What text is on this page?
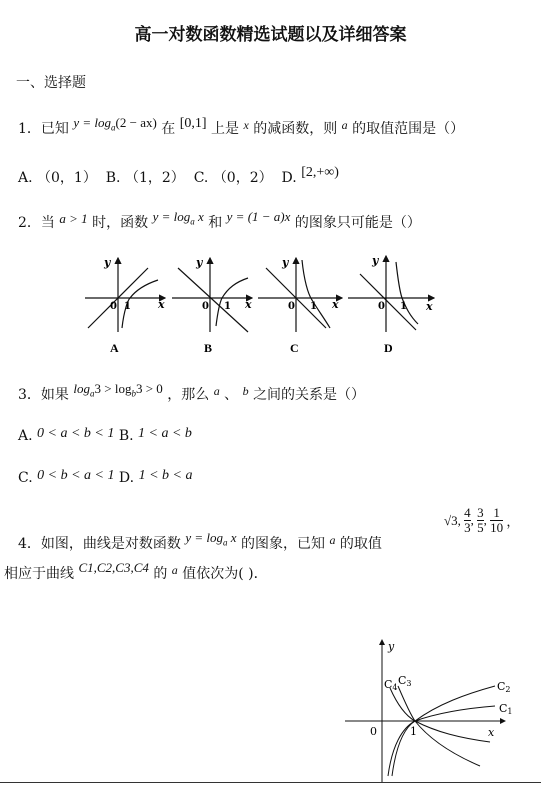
高一对数函数精选试题以及详细答案
一、选择题
1．已知 $y = \log_a(2 - ax)$ 在 [0,1] 上是 x 的减函数，则 a 的取值范围是（）
A. （0，1） B. （1，2） C. （0，2） D. [2,+∞)
2．当 a > 1 时，函数 $y = \log_a x$ 和 y = (1 − a)x 的图象只可能是（）
y
0 1 x
A
y
0 1 x
B
y
0 1 x
C
y
0 1 x
D
3．如果 $\log_a3 > \log_b3 > 0$ ，那么 a 、 b 之间的关系是（）
A. 0 < a < b < 1 B. 1 < a < b
C. 0 < b < a < 1 D. 1 < b < a
4．如图，曲线是对数函数 $y = \log_a x$ 的图象，已知 a 的取值
√3, $\frac{4}{3}$ , $\frac{3}{5}$ , $\frac{1}{10}$ ，
相应于曲线 C1,C2,C3,C4 的 a 值依次为( )．
y
x
0	1
C4
C3	C2
C1
